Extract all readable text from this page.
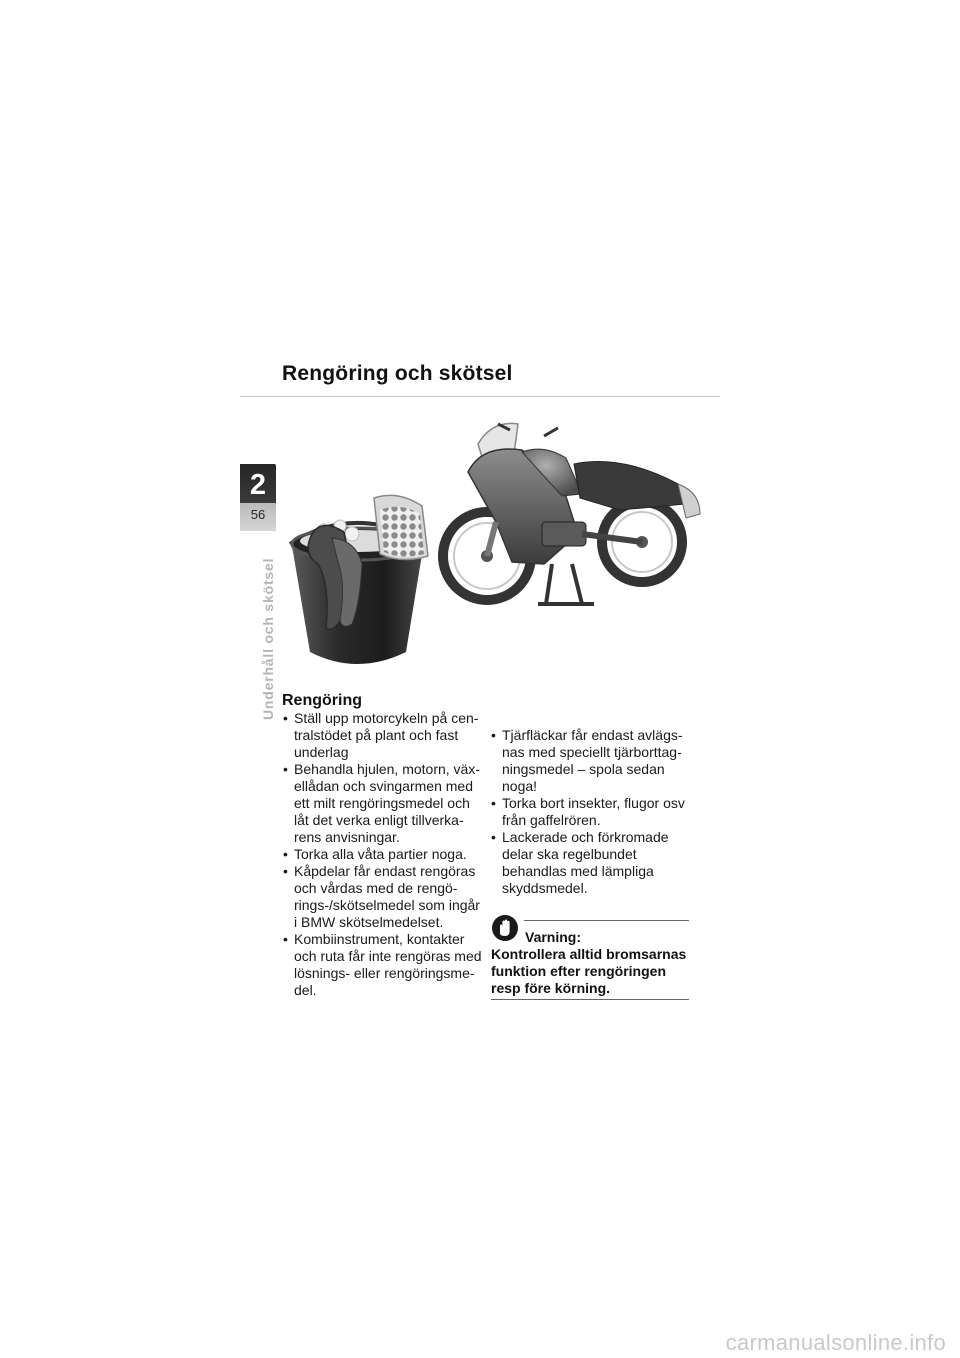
Rengöring och skötsel
2
56
Underhåll och skötsel Rengöring
• Ställ upp motorcykeln på cen-tralstödet på plant och fast underlag
• Behandla hjulen, motorn, väx-ellådan och svingarmen med ett milt rengöringsmedel och låt det verka enligt tillverka-rens anvisningar.
• Torka alla våta partier noga.
• Kåpdelar får endast rengöras och vårdas med de rengö-rings-/skötselmedel som ingår i BMW skötselmedelset.
• Kombiinstrument, kontakter och ruta får inte rengöras med lösnings- eller rengöringsme-del.
• Tjärfläckar får endast avlägs-nas med speciellt tjärborttag-ningsmedel – spola sedan noga!
• Torka bort insekter, flugor osv från gaffelrören.
• Lackerade och förkromade delar ska regelbundet behandlas med lämpliga skyddsmedel.
Varning:
Kontrollera alltid bromsarnas funktion efter rengöringen resp före körning.
carmanualsonline.info
